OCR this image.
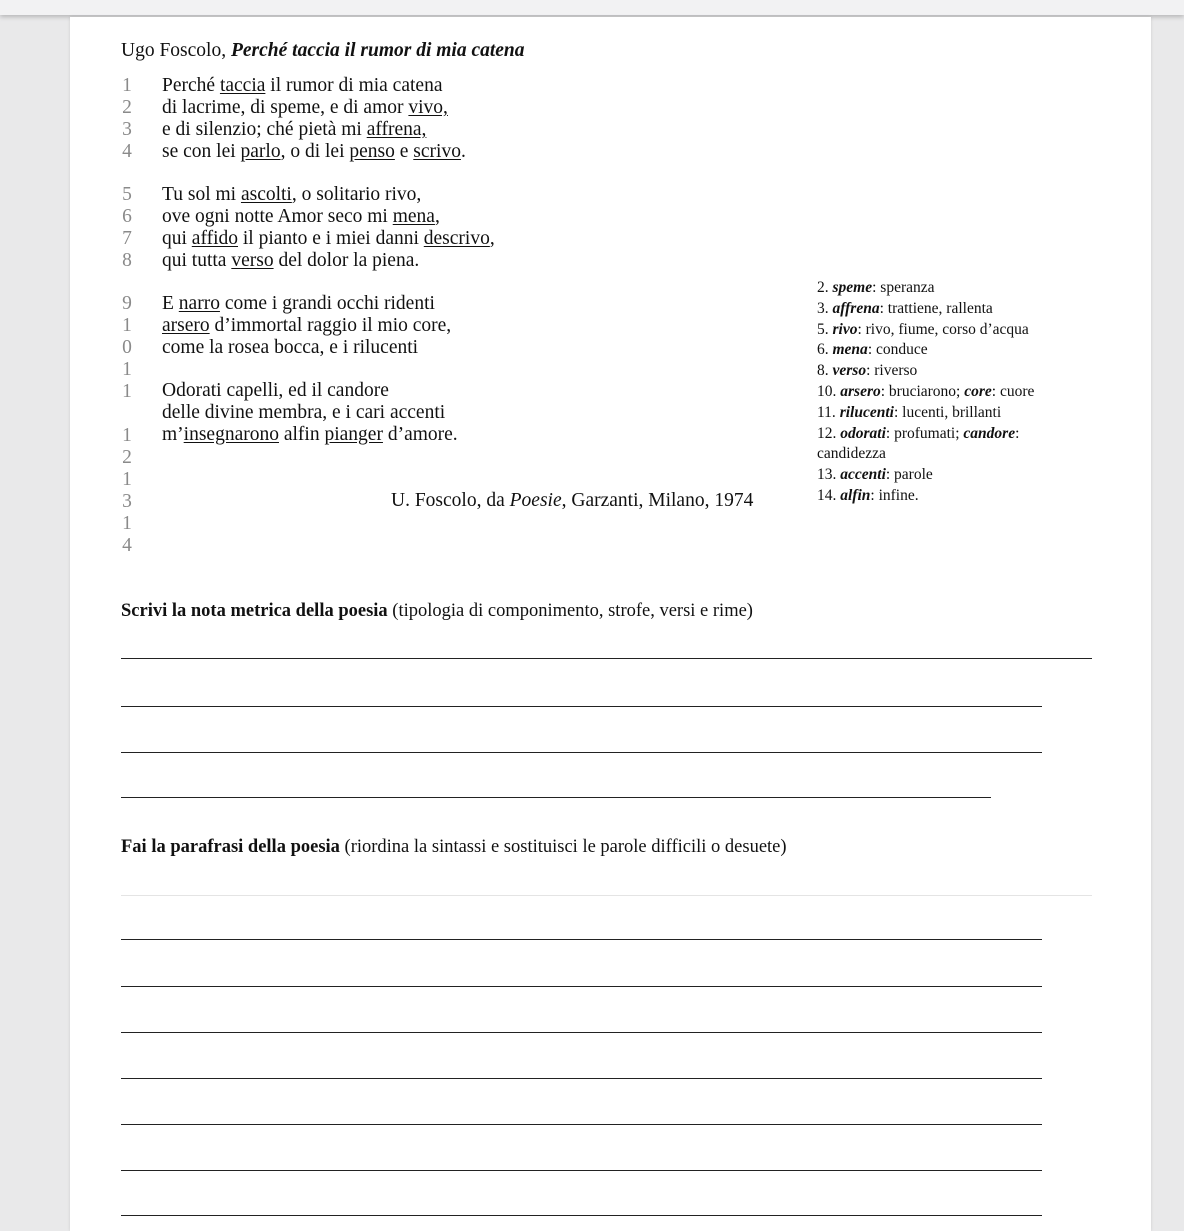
Ugo Foscolo, Perché taccia il rumor di mia catena
1 Perché taccia il rumor di mia catena
2 di lacrime, di speme, e di amor vivo,
3 e di silenzio; ché pietà mi affrena,
4 se con lei parlo, o di lei penso e scrivo.
5 Tu sol mi ascolti, o solitario rivo,
6 ove ogni notte Amor seco mi mena,
7 qui affido il pianto e i miei danni descrivo,
8 qui tutta verso del dolor la piena.
E narro come i grandi occhi ridenti
arsero d’immortal raggio il mio core,
come la rosea bocca, e i rilucenti
Odorati capelli, ed il candore
delle divine membra, e i cari accenti
m’insegnarono alfin pianger d’amore.
9
1
0
1
1
1
2
1
3
1
4
2. speme: speranza
3. affrena: trattiene, rallenta
5. rivo: rivo, fiume, corso d’acqua
6. mena: conduce
8. verso: riverso
10. arsero: bruciarono; core: cuore
11. rilucenti: lucenti, brillanti
12. odorati: profumati; candore:
candidezza
13. accenti: parole
14. alfin: infine.
U. Foscolo, da Poesie, Garzanti, Milano, 1974
Scrivi la nota metrica della poesia (tipologia di componimento, strofe, versi e rime)
Fai la parafrasi della poesia (riordina la sintassi e sostituisci le parole difficili o desuete)
